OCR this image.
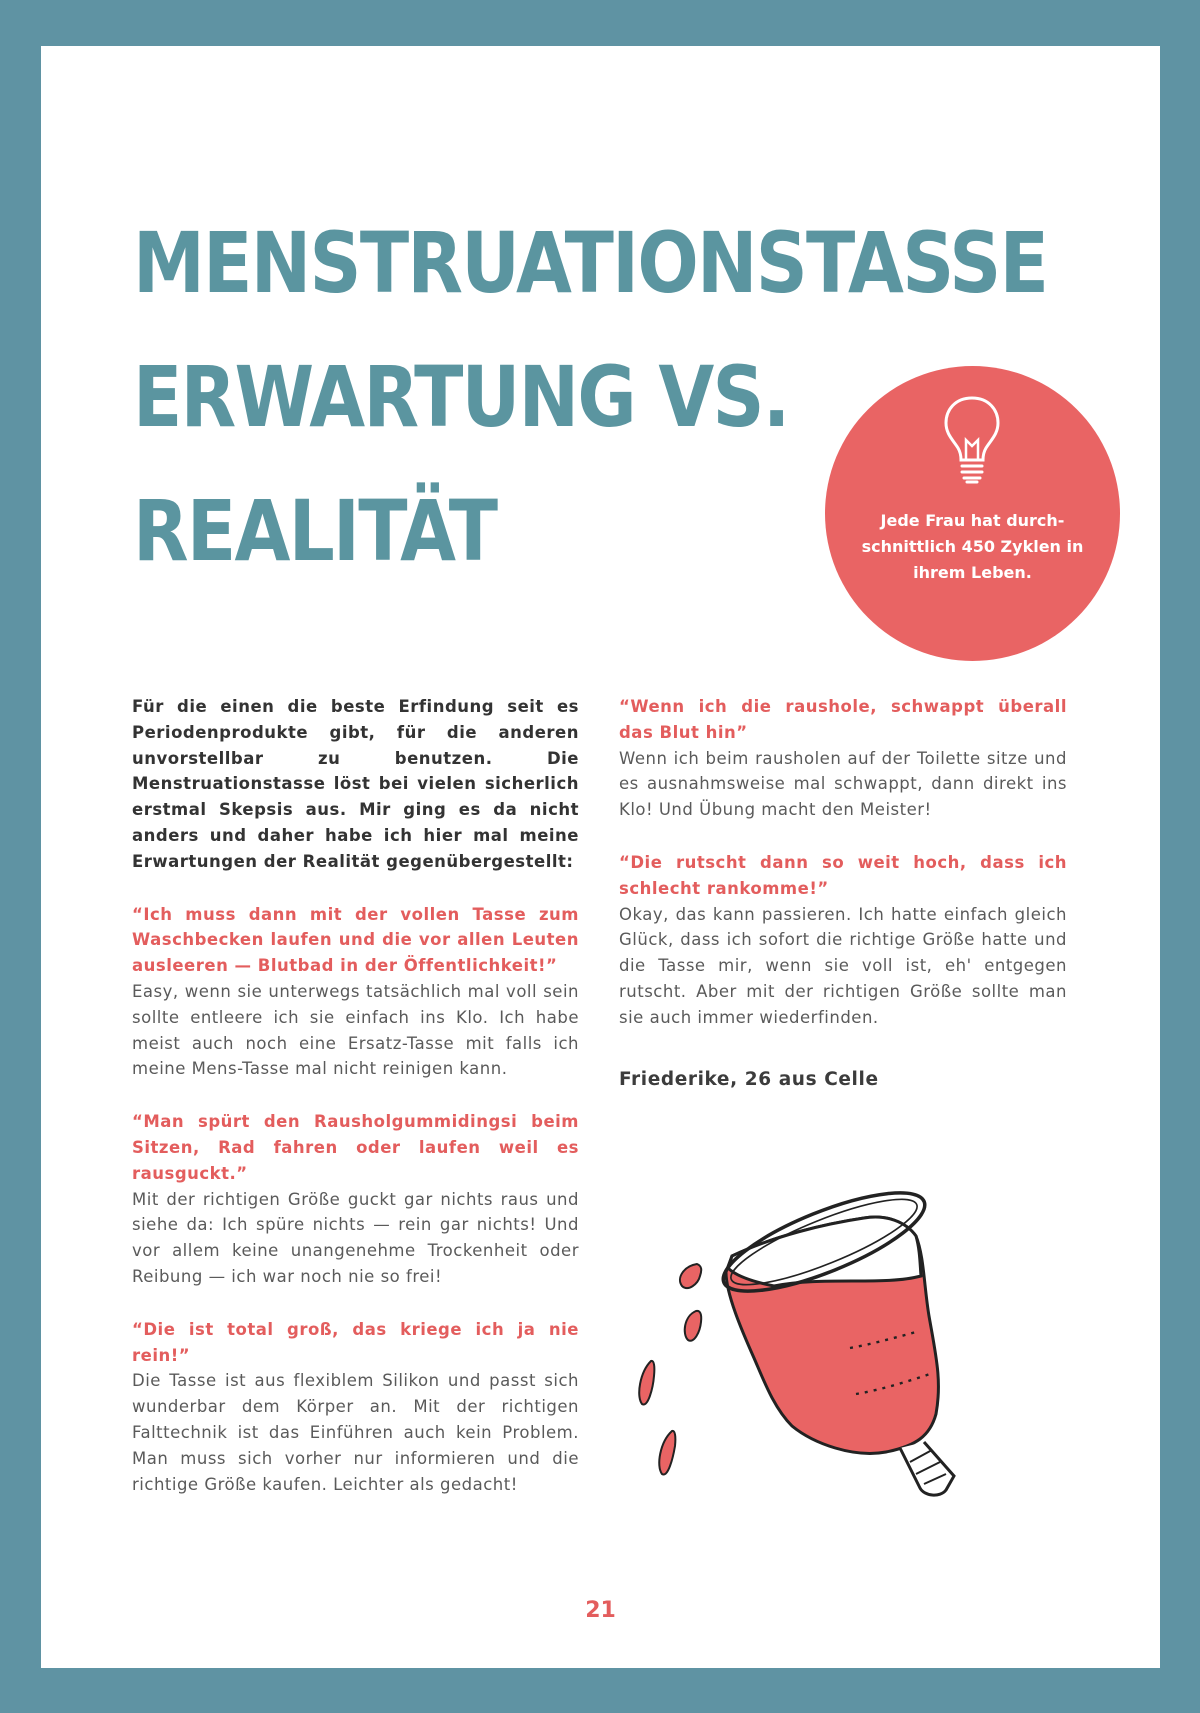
MENSTRUATIONSTASSE
ERWARTUNG VS.
REALITÄT	Jede Frau hat durch-schnittlich 450 Zyklen in ihrem Leben.

Für die einen die beste Erfindung seit es Periodenprodukte gibt, für die anderen unvorstellbar zu benutzen. Die Menstruationstasse löst bei vielen sicherlich erstmal Skepsis aus. Mir ging es da nicht anders und daher habe ich hier mal meine Erwartungen der Realität gegenübergestellt:

“Ich muss dann mit der vollen Tasse zum Waschbecken laufen und die vor allen Leuten ausleeren — Blutbad in der Öffentlichkeit!”

Easy, wenn sie unterwegs tatsächlich mal voll sein sollte entleere ich sie einfach ins Klo. Ich habe meist auch noch eine Ersatz-Tasse mit falls ich meine Mens-Tasse mal nicht reinigen kann.

“Man spürt den Rausholgummidingsi beim Sitzen, Rad fahren oder laufen weil es rausguckt.”

Mit der richtigen Größe guckt gar nichts raus und siehe da: Ich spüre nichts — rein gar nichts! Und vor allem keine unangenehme Trockenheit oder Reibung — ich war noch nie so frei!

“Die ist total groß, das kriege ich ja nie rein!”

Die Tasse ist aus flexiblem Silikon und passt sich wunderbar dem Körper an. Mit der richtigen Falttechnik ist das Einführen auch kein Problem. Man muss sich vorher nur informieren und die richtige Größe kaufen. Leichter als gedacht!

“Wenn ich die raushole, schwappt überall das Blut hin”

Wenn ich beim rausholen auf der Toilette sitze und es ausnahmsweise mal schwappt, dann direkt ins Klo! Und Übung macht den Meister!

“Die rutscht dann so weit hoch, dass ich schlecht rankomme!”

Okay, das kann passieren. Ich hatte einfach gleich Glück, dass ich sofort die richtige Größe hatte und die Tasse mir, wenn sie voll ist, eh' entgegen rutscht. Aber mit der richtigen Größe sollte man sie auch immer wiederfinden.

Friederike, 26 aus Celle

21
